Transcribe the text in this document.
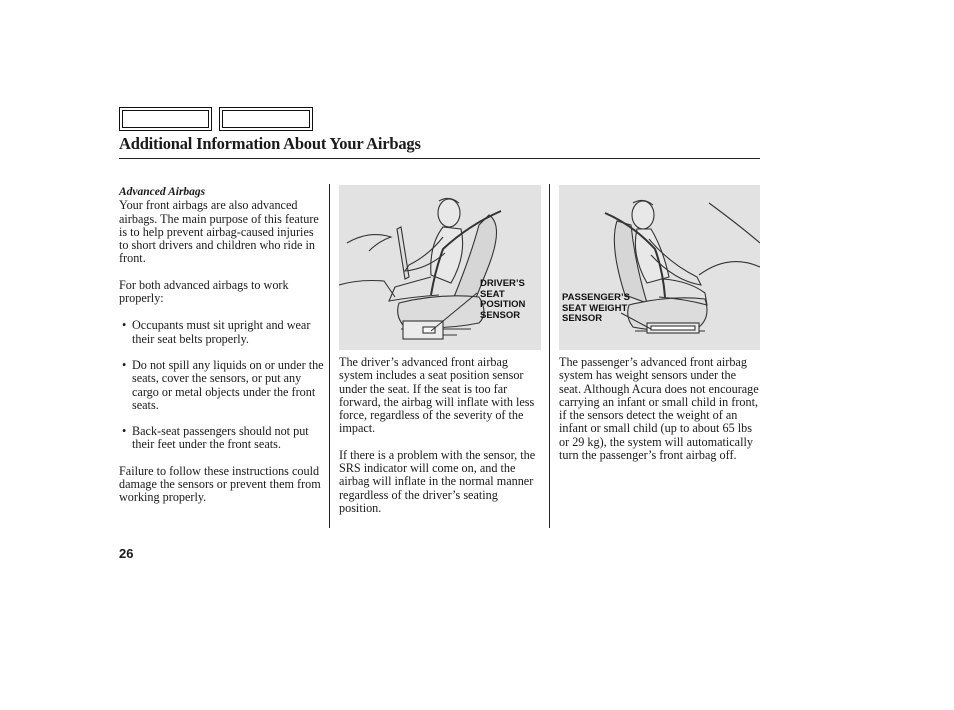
Additional Information About Your Airbags

Advanced Airbags

Your front airbags are also advanced airbags. The main purpose of this feature is to help prevent airbag-caused injuries to short drivers and children who ride in front.

For both advanced airbags to work properly:

• Occupants must sit upright and wear their seat belts properly.

• Do not spill any liquids on or under the seats, cover the sensors, or put any cargo or metal objects under the front seats.

• Back-seat passengers should not put their feet under the front seats.

Failure to follow these instructions could damage the sensors or prevent them from working properly.

DRIVER’S
SEAT
POSITION
SENSOR
PASSENGER’S
SEAT WEIGHT
SENSOR

The driver’s advanced front airbag system includes a seat position sensor under the seat. If the seat is too far forward, the airbag will inflate with less force, regardless of the severity of the impact.

If there is a problem with the sensor, the SRS indicator will come on, and the airbag will inflate in the normal manner regardless of the driver’s seating position.

The passenger’s advanced front airbag system has weight sensors under the seat. Although Acura does not encourage carrying an infant or small child in front, if the sensors detect the weight of an infant or small child (up to about 65 lbs or 29 kg), the system will automatically turn the passenger’s front airbag off.

26
